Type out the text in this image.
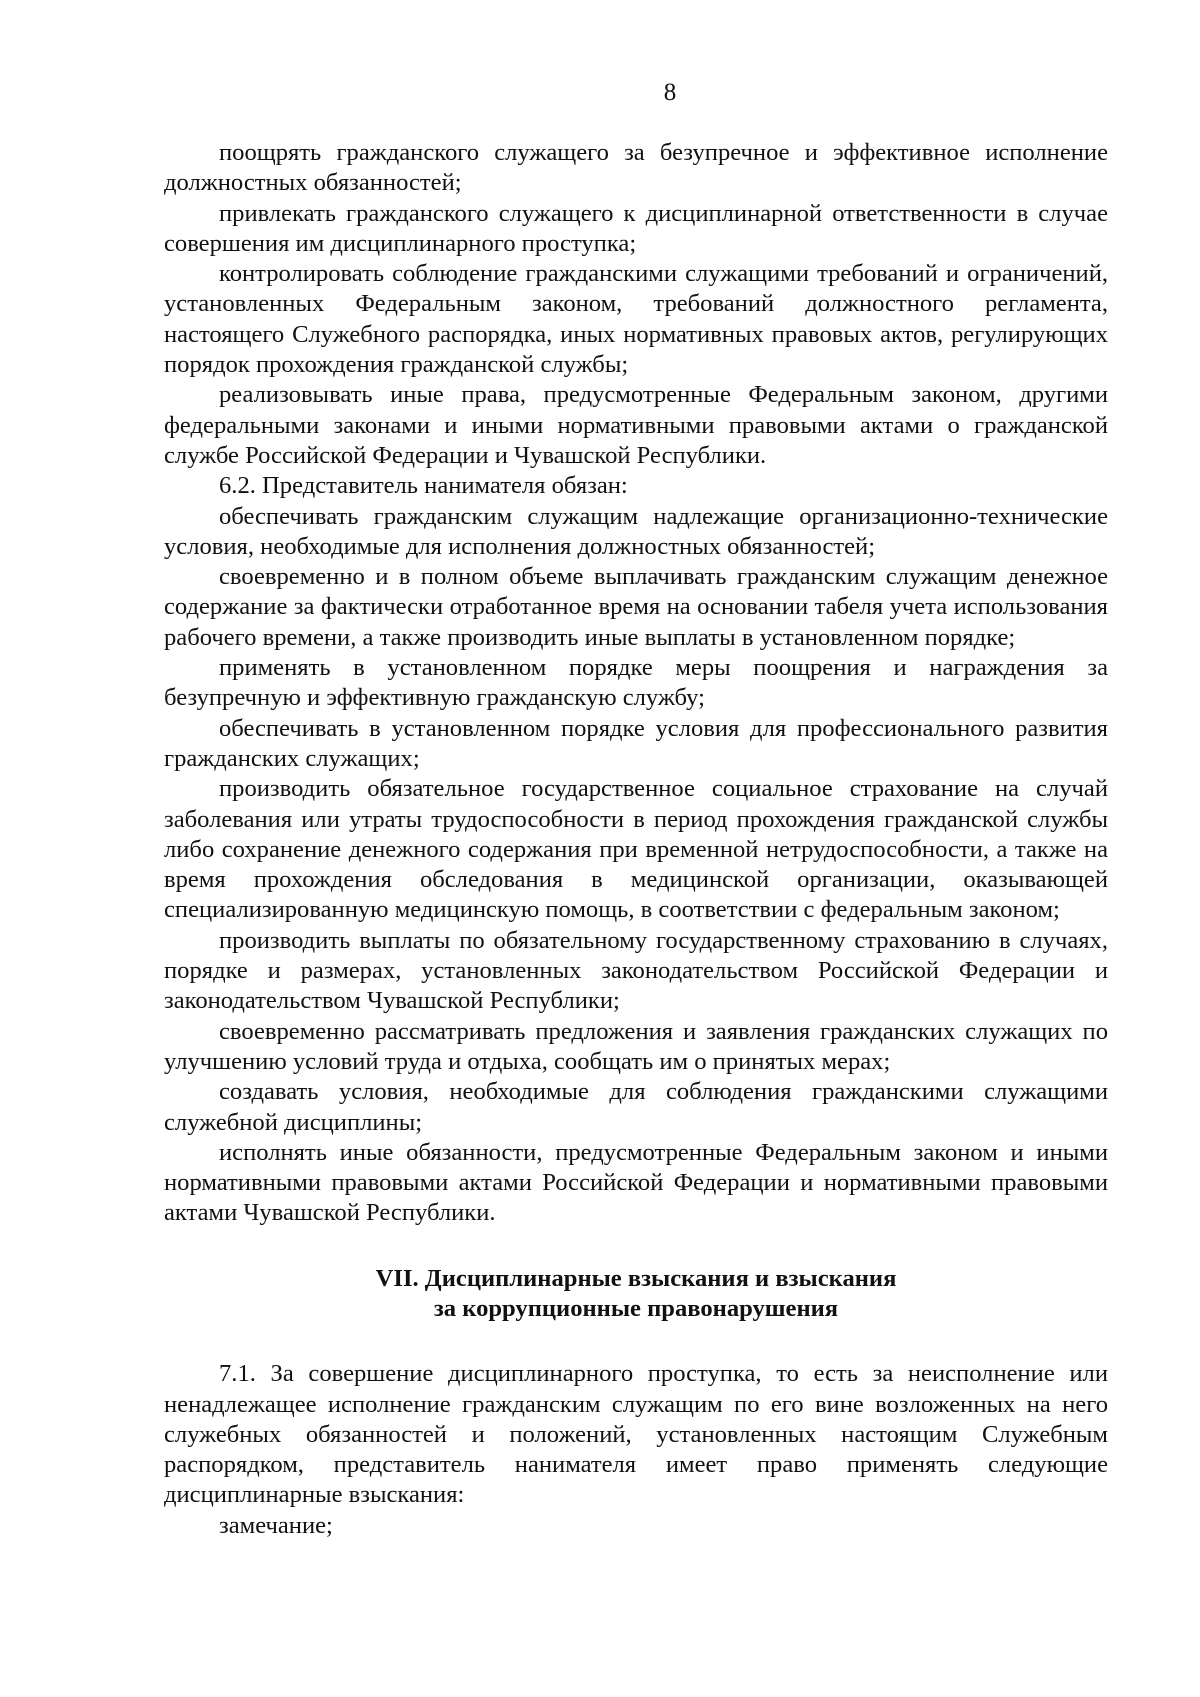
8

поощрять гражданского служащего за безупречное и эффективное исполнение должностных обязанностей;

привлекать гражданского служащего к дисциплинарной ответственности в случае совершения им дисциплинарного проступка;

контролировать соблюдение гражданскими служащими требований и ограничений, установленных Федеральным законом, требований должностного регламента, настоящего Служебного распорядка, иных нормативных правовых актов, регулирующих порядок прохождения гражданской службы;

реализовывать иные права, предусмотренные Федеральным законом, другими федеральными законами и иными нормативными правовыми актами о гражданской службе Российской Федерации и Чувашской Республики.

6.2. Представитель нанимателя обязан:

обеспечивать гражданским служащим надлежащие организационно-технические условия, необходимые для исполнения должностных обязанностей;

своевременно и в полном объеме выплачивать гражданским служащим денежное содержание за фактически отработанное время на основании табеля учета использования рабочего времени, а также производить иные выплаты в установленном порядке;

применять в установленном порядке меры поощрения и награждения за безупречную и эффективную гражданскую службу;

обеспечивать в установленном порядке условия для профессионального развития гражданских служащих;

производить обязательное государственное социальное страхование на случай заболевания или утраты трудоспособности в период прохождения гражданской службы либо сохранение денежного содержания при временной нетрудоспособности, а также на время прохождения обследования в медицинской организации, оказывающей специализированную медицинскую помощь, в соответствии с федеральным законом;

производить выплаты по обязательному государственному страхованию в случаях, порядке и размерах, установленных законодательством Российской Федерации и законодательством Чувашской Республики;

своевременно рассматривать предложения и заявления гражданских служащих по улучшению условий труда и отдыха, сообщать им о принятых мерах;

создавать условия, необходимые для соблюдения гражданскими служащими служебной дисциплины;

исполнять иные обязанности, предусмотренные Федеральным законом и иными нормативными правовыми актами Российской Федерации и нормативными правовыми актами Чувашской Республики.

VII. Дисциплинарные взыскания и взыскания
за коррупционные правонарушения

7.1. За совершение дисциплинарного проступка, то есть за неисполнение или ненадлежащее исполнение гражданским служащим по его вине возложенных на него служебных обязанностей и положений, установленных настоящим Служебным распорядком, представитель нанимателя имеет право применять следующие дисциплинарные взыскания:

замечание;
